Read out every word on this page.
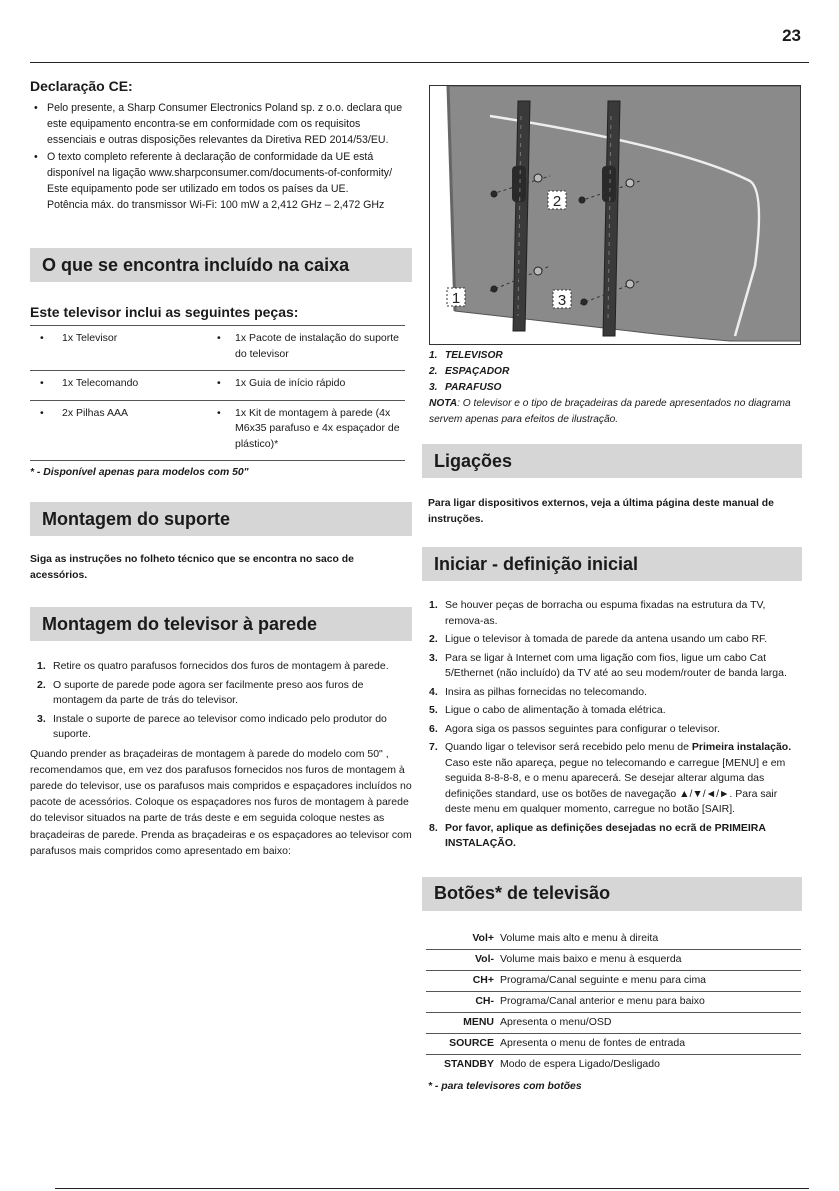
23
Declaração CE:
• Pelo presente, a Sharp Consumer Electronics Poland sp. z o.o. declara que este equipamento encontra-se em conformidade com os requisitos essenciais e outras disposições relevantes da Diretiva RED 2014/53/EU.
• O texto completo referente à declaração de conformidade da UE está disponível na ligação www.sharpconsumer.com/documents-of-conformity/
Este equipamento pode ser utilizado em todos os países da UE.
Potência máx. do transmissor Wi-Fi: 100 mW a 2,412 GHz – 2,472 GHz
O que se encontra incluído na caixa
Este televisor inclui as seguintes peças:
•	1x Televisor	•	1x Pacote de instalação do suporte do televisor
•	1x Telecomando	•	1x Guia de início rápido
•	2x Pilhas AAA	•	1x Kit de montagem à parede (4x M6x35 parafuso e 4x espaçador de plástico)*
* - Disponível apenas para modelos com 50"
Montagem do suporte

Siga as instruções no folheto técnico que se encontra no saco de acessórios.

Montagem do televisor à parede
1. Retire os quatro parafusos fornecidos dos furos de montagem à parede.
2. O suporte de parede pode agora ser facilmente preso aos furos de montagem da parte de trás do televisor.
3. Instale o suporte de parece ao televisor como indicado pelo produtor do suporte.

Quando prender as braçadeiras de montagem à parede do modelo com 50" , recomendamos que, em vez dos parafusos fornecidos nos furos de montagem à parede do televisor, use os parafusos mais compridos e espaçadores incluídos no pacote de acessórios. Coloque os espaçadores nos furos de montagem à parede do televisor situados na parte de trás deste e em seguida coloque nestes as braçadeiras de parede. Prenda as braçadeiras e os espaçadores ao televisor com parafusos mais compridos como apresentado em baixo:

2
1	3
1. TELEVISOR
2. ESPAÇADOR
3. PARAFUSO
NOTA: O televisor e o tipo de braçadeiras da parede apresentados no diagrama servem apenas para efeitos de ilustração.
Ligações

Para ligar dispositivos externos, veja a última página deste manual de instruções.

Iniciar - definição inicial
1. Se houver peças de borracha ou espuma fixadas na estrutura da TV, remova-as.
2. Ligue o televisor à tomada de parede da antena usando um cabo RF.
3. Para se ligar à Internet com uma ligação com fios, ligue um cabo Cat 5/Ethernet (não incluído) da TV até ao seu modem/router de banda larga.
4. Insira as pilhas fornecidas no telecomando.
5. Ligue o cabo de alimentação à tomada elétrica.
6. Agora siga os passos seguintes para configurar o televisor.
7. Quando ligar o televisor será recebido pelo menu de Primeira instalação. Caso este não apareça, pegue no telecomando e carregue [MENU] e em seguida 8-8-8-8, e o menu aparecerá. Se desejar alterar alguma das definições standard, use os botões de navegação ▲/▼/◄/►. Para sair deste menu em qualquer momento, carregue no botão [SAIR].
8. Por favor, aplique as definições desejadas no ecrã de PRIMEIRA INSTALAÇÃO.
Botões* de televisão
Vol+	Volume mais alto e menu à direita
Vol-	Volume mais baixo e menu à esquerda
CH+	Programa/Canal seguinte e menu para cima
CH-	Programa/Canal anterior e menu para baixo
MENU	Apresenta o menu/OSD
SOURCE	Apresenta o menu de fontes de entrada
STANDBY	Modo de espera Ligado/Desligado
* - para televisores com botões
